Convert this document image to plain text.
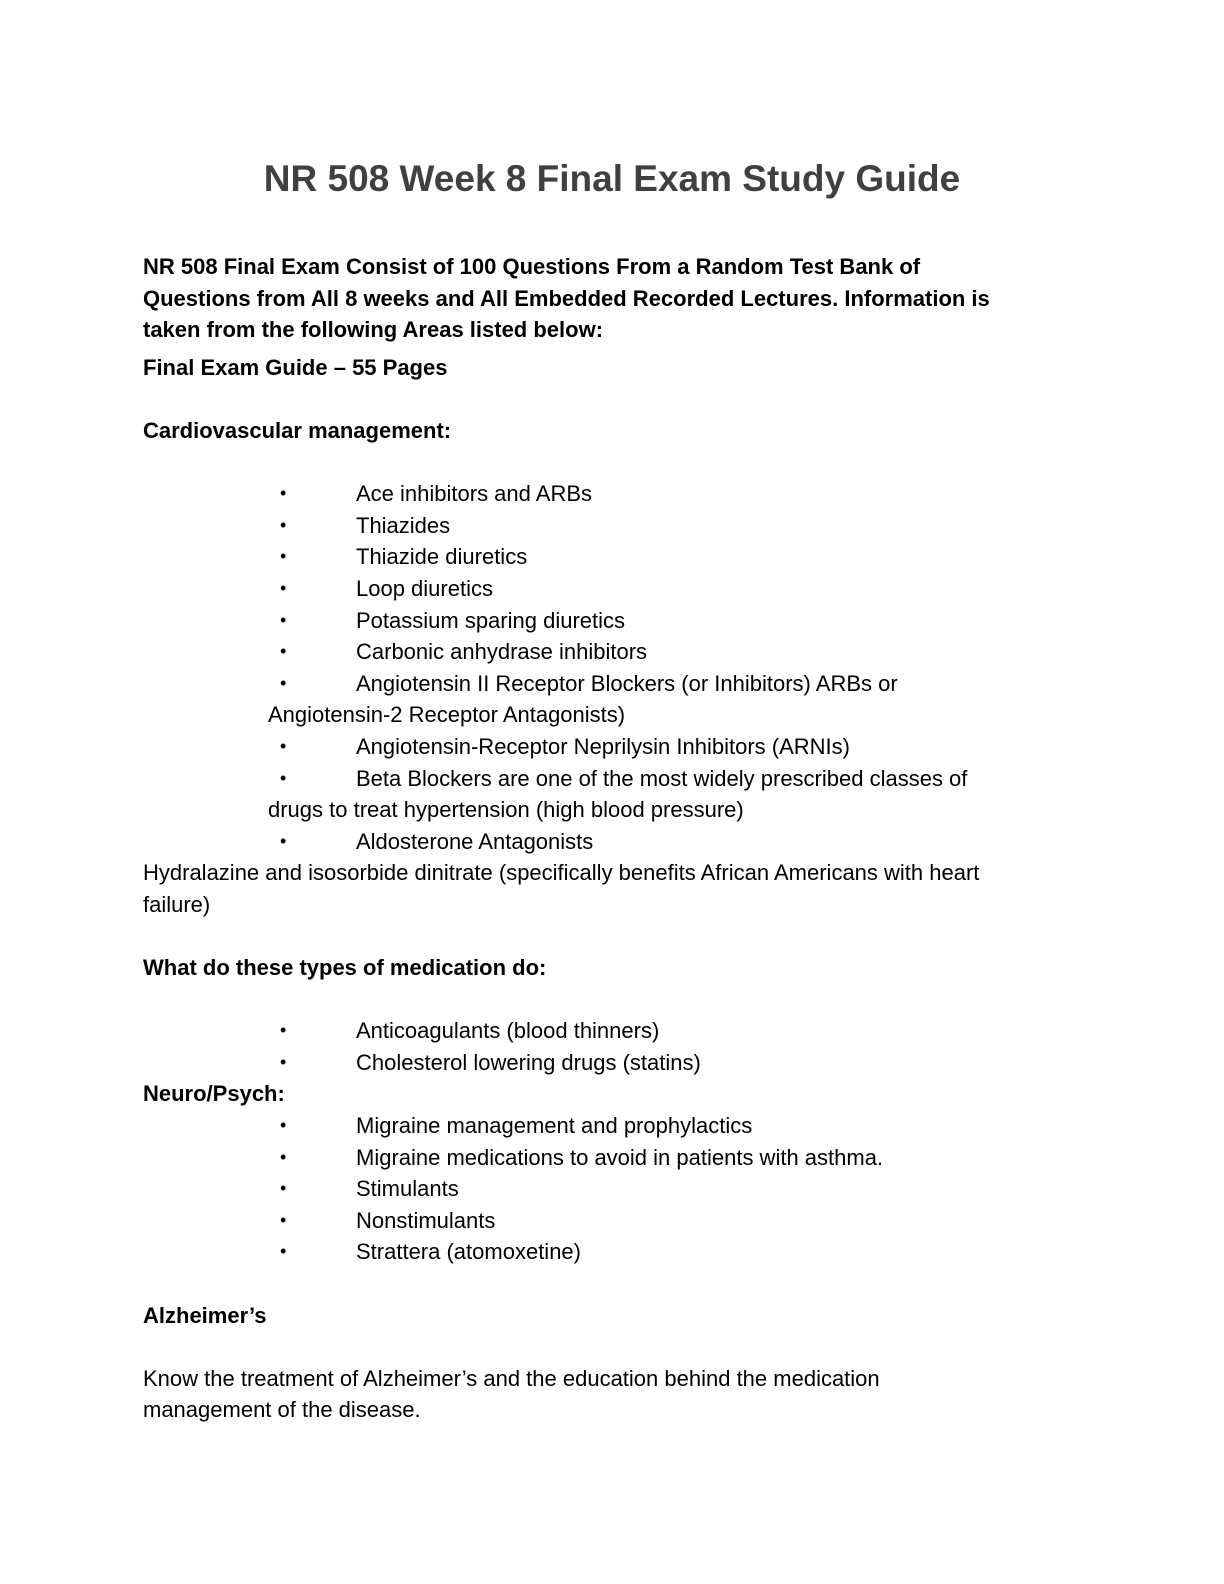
NR 508 Week 8 Final Exam Study Guide

NR 508 Final Exam Consist of 100 Questions From a Random Test Bank of

Questions from All 8 weeks and All Embedded Recorded Lectures. Information is

taken from the following Areas listed below:

Final Exam Guide – 55 Pages

Cardiovascular management:

•	Ace inhibitors and ARBs
•	Thiazides
•	Thiazide diuretics
•	Loop diuretics
•	Potassium sparing diuretics
•	Carbonic anhydrase inhibitors
•	Angiotensin II Receptor Blockers (or Inhibitors) ARBs or
Angiotensin-2 Receptor Antagonists)
•	Angiotensin-Receptor Neprilysin Inhibitors (ARNIs)
•	Beta Blockers are one of the most widely prescribed classes of
drugs to treat hypertension (high blood pressure)
•	Aldosterone Antagonists

Hydralazine and isosorbide dinitrate (specifically benefits African Americans with heart

failure)

What do these types of medication do:

•	Anticoagulants (blood thinners)
•	Cholesterol lowering drugs (statins)

Neuro/Psych:

•	Migraine management and prophylactics
•	Migraine medications to avoid in patients with asthma.
•	Stimulants
•	Nonstimulants
•	Strattera (atomoxetine)

Alzheimer’s

Know the treatment of Alzheimer’s and the education behind the medication

management of the disease.
